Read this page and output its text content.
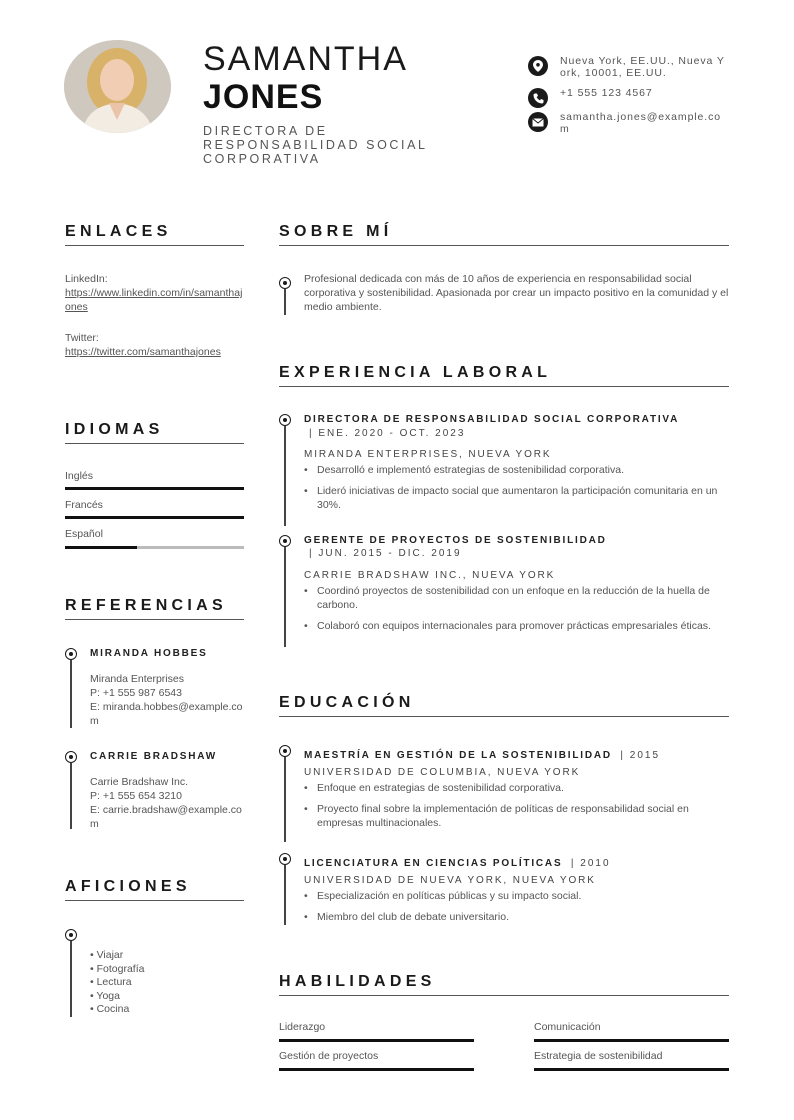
SAMANTHA
JONES
DIRECTORA DE RESPONSABILIDAD SOCIAL CORPORATIVA
Nueva York, EE.UU., Nueva York, 10001, EE.UU.
+1 555 123 4567
samantha.jones@example.com
ENLACES
LinkedIn:
https://www.linkedin.com/in/samanthajones
Twitter:
https://twitter.com/samanthajones
IDIOMAS
Inglés
Francés
Español
REFERENCIAS
MIRANDA HOBBES
Miranda Enterprises
P: +1 555 987 6543
E: miranda.hobbes@example.com
CARRIE BRADSHAW
Carrie Bradshaw Inc.
P: +1 555 654 3210
E: carrie.bradshaw@example.com
AFICIONES
• Viajar
• Fotografía
• Lectura
• Yoga
• Cocina
SOBRE MÍ
Profesional dedicada con más de 10 años de experiencia en responsabilidad social corporativa y sostenibilidad. Apasionada por crear un impacto positivo en la comunidad y el medio ambiente.
EXPERIENCIA LABORAL
DIRECTORA DE RESPONSABILIDAD SOCIAL CORPORATIVA
| ENE. 2020 - OCT. 2023
MIRANDA ENTERPRISES, NUEVA YORK
• Desarrolló e implementó estrategias de sostenibilidad corporativa.
• Lideró iniciativas de impacto social que aumentaron la participación comunitaria en un 30%.
GERENTE DE PROYECTOS DE SOSTENIBILIDAD
| JUN. 2015 - DIC. 2019
CARRIE BRADSHAW INC., NUEVA YORK
• Coordinó proyectos de sostenibilidad con un enfoque en la reducción de la huella de carbono.
• Colaboró con equipos internacionales para promover prácticas empresariales éticas.
EDUCACIÓN
MAESTRÍA EN GESTIÓN DE LA SOSTENIBILIDAD | 2015
UNIVERSIDAD DE COLUMBIA, NUEVA YORK
• Enfoque en estrategias de sostenibilidad corporativa.
• Proyecto final sobre la implementación de políticas de responsabilidad social en empresas multinacionales.
LICENCIATURA EN CIENCIAS POLÍTICAS | 2010
UNIVERSIDAD DE NUEVA YORK, NUEVA YORK
• Especialización en políticas públicas y su impacto social.
• Miembro del club de debate universitario.
HABILIDADES
Liderazgo	Comunicación
Gestión de proyectos	Estrategia de sostenibilidad
